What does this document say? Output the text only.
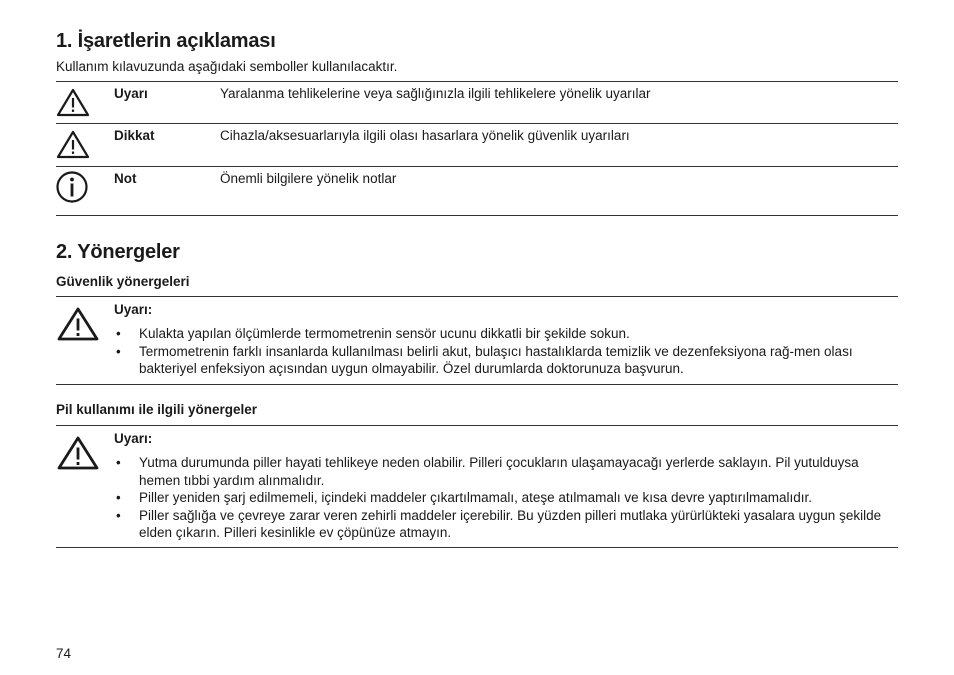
1. İşaretlerin açıklaması
Kullanım kılavuzunda aşağıdaki semboller kullanılacaktır.
Uyarı	Yaralanma tehlikelerine veya sağlığınızla ilgili tehlikelere yönelik uyarılar
Dikkat	Cihazla/aksesuarlarıyla ilgili olası hasarlara yönelik güvenlik uyarıları
Not	Önemli bilgilere yönelik notlar
2. Yönergeler
Güvenlik yönergeleri
Uyarı:
• Kulakta yapılan ölçümlerde termometrenin sensör ucunu dikkatli bir şekilde sokun.
• Termometrenin farklı insanlarda kullanılması belirli akut, bulaşıcı hastalıklarda temizlik ve dezenfeksiyona rağ-men olası bakteriyel enfeksiyon açısından uygun olmayabilir. Özel durumlarda doktorunuza başvurun.
Pil kullanımı ile ilgili yönergeler
Uyarı:
• Yutma durumunda piller hayati tehlikeye neden olabilir. Pilleri çocukların ulaşamayacağı yerlerde saklayın. Pil yutulduysa hemen tıbbi yardım alınmalıdır.
• Piller yeniden şarj edilmemeli, içindeki maddeler çıkartılmamalı, ateşe atılmamalı ve kısa devre yaptırılmamalıdır.
• Piller sağlığa ve çevreye zarar veren zehirli maddeler içerebilir. Bu yüzden pilleri mutlaka yürürlükteki yasalara uygun şekilde elden çıkarın. Pilleri kesinlikle ev çöpünüze atmayın.
74
